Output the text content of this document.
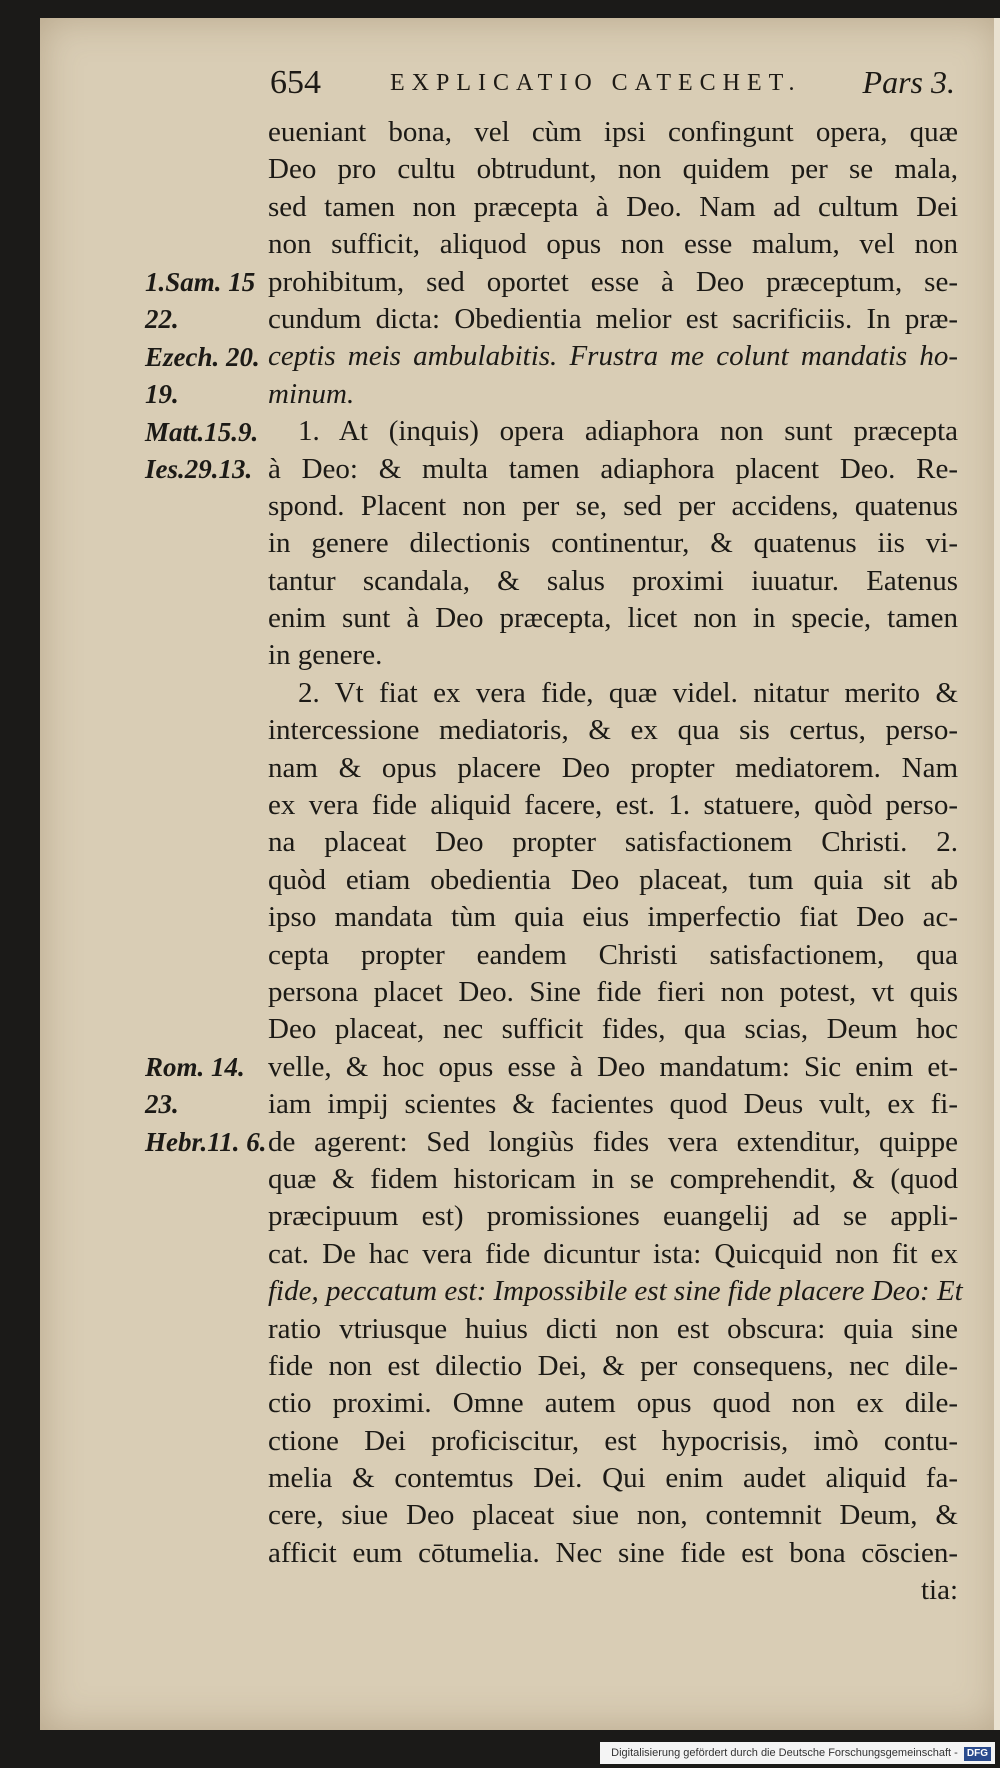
654	EXPLICATIO CATECHET. Pars 3.
1.Sam. 15
22.
Ezech. 20.
19.
Matt.15.9.
Ies.29.13.
Rom. 14.
23.
Hebr.11. 6.
eueniant bona, vel cùm ipsi confingunt opera, quæ
Deo pro cultu obtrudunt, non quidem per se mala,
sed tamen non præcepta à Deo. Nam ad cultum Dei
non sufficit, aliquod opus non esse malum, vel non
prohibitum, sed oportet esse à Deo præceptum, se-
cundum dicta: Obedientia melior est sacrificiis. In præ-
ceptis meis ambulabitis. Frustra me colunt mandatis ho-
minum.
1. At (inquis) opera adiaphora non sunt præcepta
à Deo: & multa tamen adiaphora placent Deo. Re-
spond. Placent non per se, sed per accidens, quatenus
in genere dilectionis continentur, & quatenus iis vi-
tantur scandala, & salus proximi iuuatur. Eatenus
enim sunt à Deo præcepta, licet non in specie, tamen
in genere.
2. Vt fiat ex vera fide, quæ videl. nitatur merito &
intercessione mediatoris, & ex qua sis certus, perso-
nam & opus placere Deo propter mediatorem. Nam
ex vera fide aliquid facere, est. 1. statuere, quòd perso-
na placeat Deo propter satisfactionem Christi. 2.
quòd etiam obedientia Deo placeat, tum quia sit ab
ipso mandata tùm quia eius imperfectio fiat Deo ac-
cepta propter eandem Christi satisfactionem, qua
persona placet Deo. Sine fide fieri non potest, vt quis
Deo placeat, nec sufficit fides, qua scias, Deum hoc
velle, & hoc opus esse à Deo mandatum: Sic enim et-
iam impij scientes & facientes quod Deus vult, ex fi-
de agerent: Sed longiùs fides vera extenditur, quippe
quæ & fidem historicam in se comprehendit, & (quod
præcipuum est) promissiones euangelij ad se appli-
cat. De hac vera fide dicuntur ista: Quicquid non fit ex
fide, peccatum est: Impossibile est sine fide placere Deo: Et
ratio vtriusque huius dicti non est obscura: quia sine
fide non est dilectio Dei, & per consequens, nec dile-
ctio proximi. Omne autem opus quod non ex dile-
ctione Dei proficiscitur, est hypocrisis, imò contu-
melia & contemtus Dei. Qui enim audet aliquid fa-
cere, siue Deo placeat siue non, contemnit Deum, &
afficit eum cōtumelia. Nec sine fide est bona cōscien-
tia:
Digitalisierung gefördert durch die Deutsche Forschungsgemeinschaft - DFG
